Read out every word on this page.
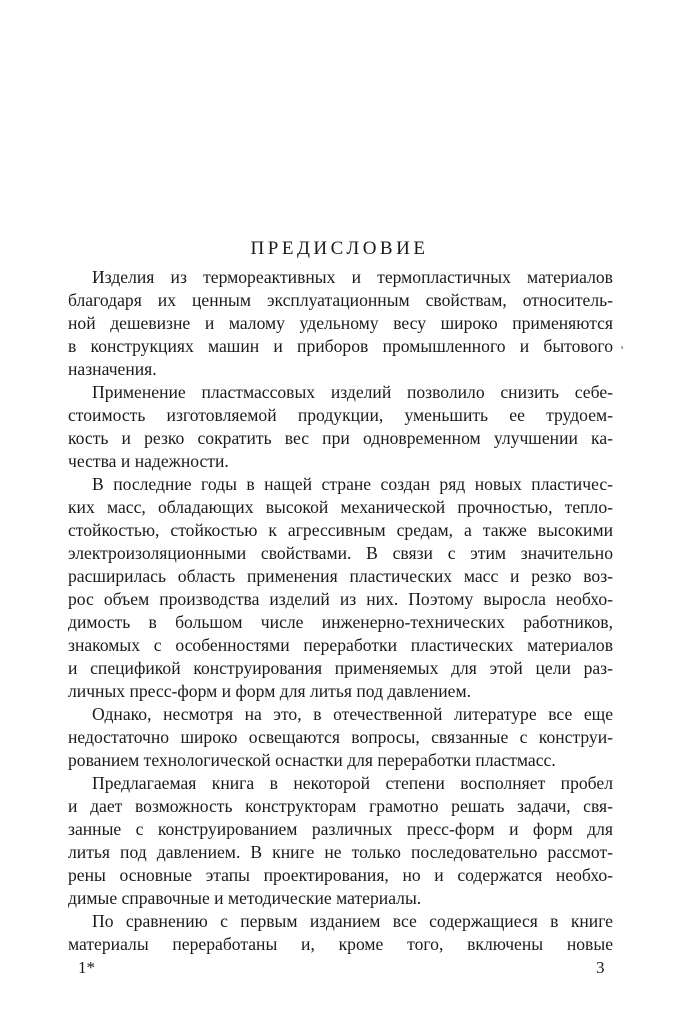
ПРЕДИСЛОВИЕ
Изделия из термореактивных и термопластичных материалов
благодаря их ценным эксплуатационным свойствам, относитель-
ной дешевизне и малому удельному весу широко применяются
в конструкциях машин и приборов промышленного и бытового
назначения.
Применение пластмассовых изделий позволило снизить себе-
стоимость изготовляемой продукции, уменьшить ее трудоем-
кость и резко сократить вес при одновременном улучшении ка-
чества и надежности.
В последние годы в нащей стране создан ряд новых пластичес-
ких масс, обладающих высокой механической прочностью, тепло-
стойкостью, стойкостью к агрессивным средам, а также высокими
электроизоляционными свойствами. В связи с этим значительно
расширилась область применения пластических масс и резко воз-
рос объем производства изделий из них. Поэтому выросла необхо-
димость в большом числе инженерно-технических работников,
знакомых с особенностями переработки пластических материалов
и спецификой конструирования применяемых для этой цели раз-
личных пресс-форм и форм для литья под давлением.
Однако, несмотря на это, в отечественной литературе все еще
недостаточно широко освещаются вопросы, связанные с конструи-
рованием технологической оснастки для переработки пластмасс.
Предлагаемая книга в некоторой степени восполняет пробел
и дает возможность конструкторам грамотно решать задачи, свя-
занные с конструированием различных пресс-форм и форм для
литья под давлением. В книге не только последовательно рассмот-
рены основные этапы проектирования, но и содержатся необхо-
димые справочные и методические материалы.
По сравнению с первым изданием все содержащиеся в книге
материалы переработаны и, кроме того, включены новые
'
1*	3
